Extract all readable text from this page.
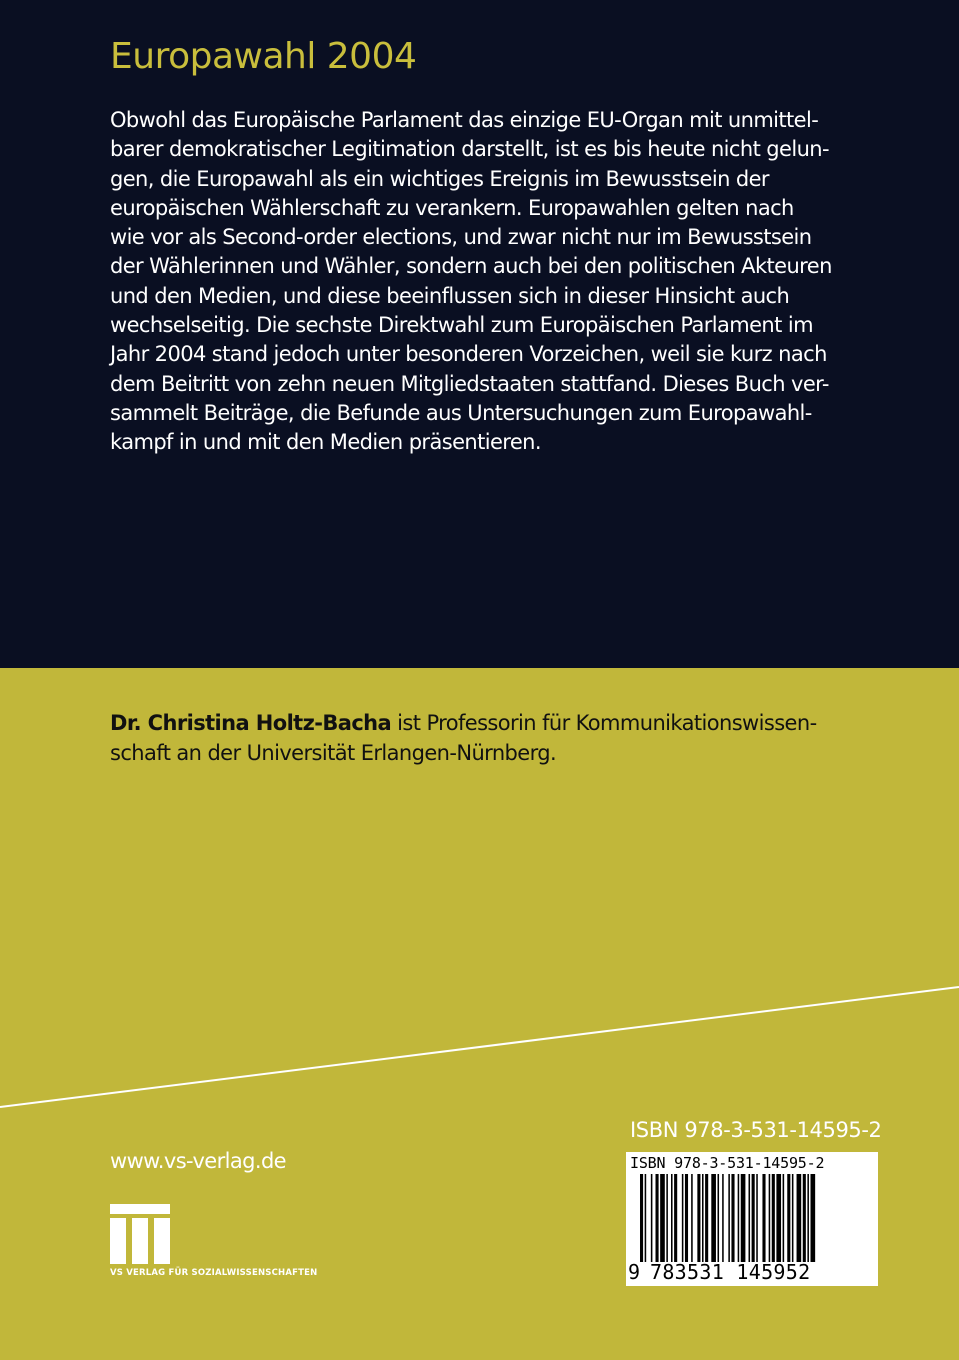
Europawahl 2004
Obwohl das Europäische Parlament das einzige EU-Organ mit unmittel-
barer demokratischer Legitimation darstellt, ist es bis heute nicht gelun-
gen, die Europawahl als ein wichtiges Ereignis im Bewusstsein der
europäischen Wählerschaft zu verankern. Europawahlen gelten nach
wie vor als Second-order elections, und zwar nicht nur im Bewusstsein
der Wählerinnen und Wähler, sondern auch bei den politischen Akteuren
und den Medien, und diese beeinflussen sich in dieser Hinsicht auch
wechselseitig. Die sechste Direktwahl zum Europäischen Parlament im
Jahr 2004 stand jedoch unter besonderen Vorzeichen, weil sie kurz nach
dem Beitritt von zehn neuen Mitgliedstaaten stattfand. Dieses Buch ver-
sammelt Beiträge, die Befunde aus Untersuchungen zum Europawahl-
kampf in und mit den Medien präsentieren.
Dr. Christina Holtz-Bacha ist Professorin für Kommunikationswissen-
schaft an der Universität Erlangen-Nürnberg.
www.vs-verlag.de
VS VERLAG FÜR SOZIALWISSENSCHAFTEN
ISBN 978-3-531-14595-2
ISBN 978-3-531-14595-2
9 783531 145952
